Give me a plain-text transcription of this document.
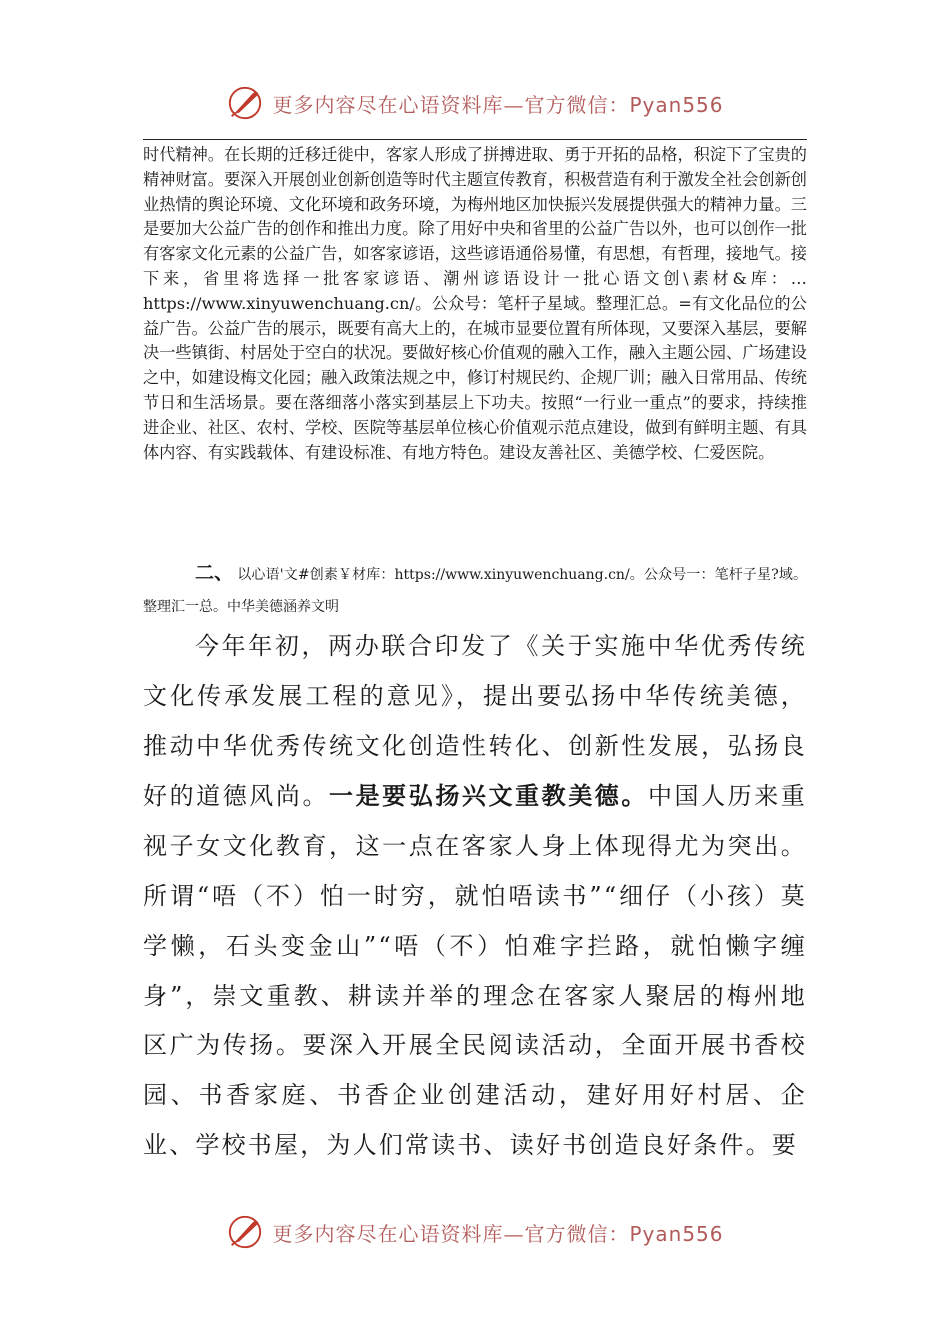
更多内容尽在心语资料库—官方微信：Pyan556

时代精神。在长期的迁移迁徙中，客家人形成了拼搏进取、勇于开拓的品格，积淀下了宝贵的精神财富。要深入开展创业创新创造等时代主题宣传教育，积极营造有利于激发全社会创新创业热情的舆论环境、文化环境和政务环境，为梅州地区加快振兴发展提供强大的精神力量。三是要加大公益广告的创作和推出力度。除了用好中央和省里的公益广告以外，也可以创作一批有客家文化元素的公益广告，如客家谚语，这些谚语通俗易懂，有思想，有哲理，接地气。接下来，省里将选择一批客家谚语、潮州谚语设计一批心语文创\素材&库：…https://www.xinyuwenchuang.cn/。公众号：笔杆子星域。整理汇总。=有文化品位的公益广告。公益广告的展示，既要有高大上的，在城市显要位置有所体现，又要深入基层，要解决一些镇街、村居处于空白的状况。要做好核心价值观的融入工作，融入主题公园、广场建设之中，如建设梅文化园；融入政策法规之中，修订村规民约、企规厂训；融入日常用品、传统节日和生活场景。要在落细落小落实到基层上下功夫。按照“一行业一重点”的要求，持续推进企业、社区、农村、学校、医院等基层单位核心价值观示范点建设，做到有鲜明主题、有具体内容、有实践载体、有建设标准、有地方特色。建设友善社区、美德学校、仁爱医院。

二、 以心语'文#创素￥材库：https://www.xinyuwenchuang.cn/。公众号一：笔杆子星?域。整理汇一总。中华美德涵养文明

今年年初，两办联合印发了《关于实施中华优秀传统文化传承发展工程的意见》，提出要弘扬中华传统美德，推动中华优秀传统文化创造性转化、创新性发展，弘扬良好的道德风尚。一是要弘扬兴文重教美德。中国人历来重视子女文化教育，这一点在客家人身上体现得尤为突出。所谓“唔（不）怕一时穷，就怕唔读书”“细仔（小孩）莫学懒，石头变金山”“唔（不）怕难字拦路，就怕懒字缠身”，崇文重教、耕读并举的理念在客家人聚居的梅州地区广为传扬。要深入开展全民阅读活动，全面开展书香校园、书香家庭、书香企业创建活动，建好用好村居、企业、学校书屋，为人们常读书、读好书创造良好条件。要

更多内容尽在心语资料库—官方微信：Pyan556
